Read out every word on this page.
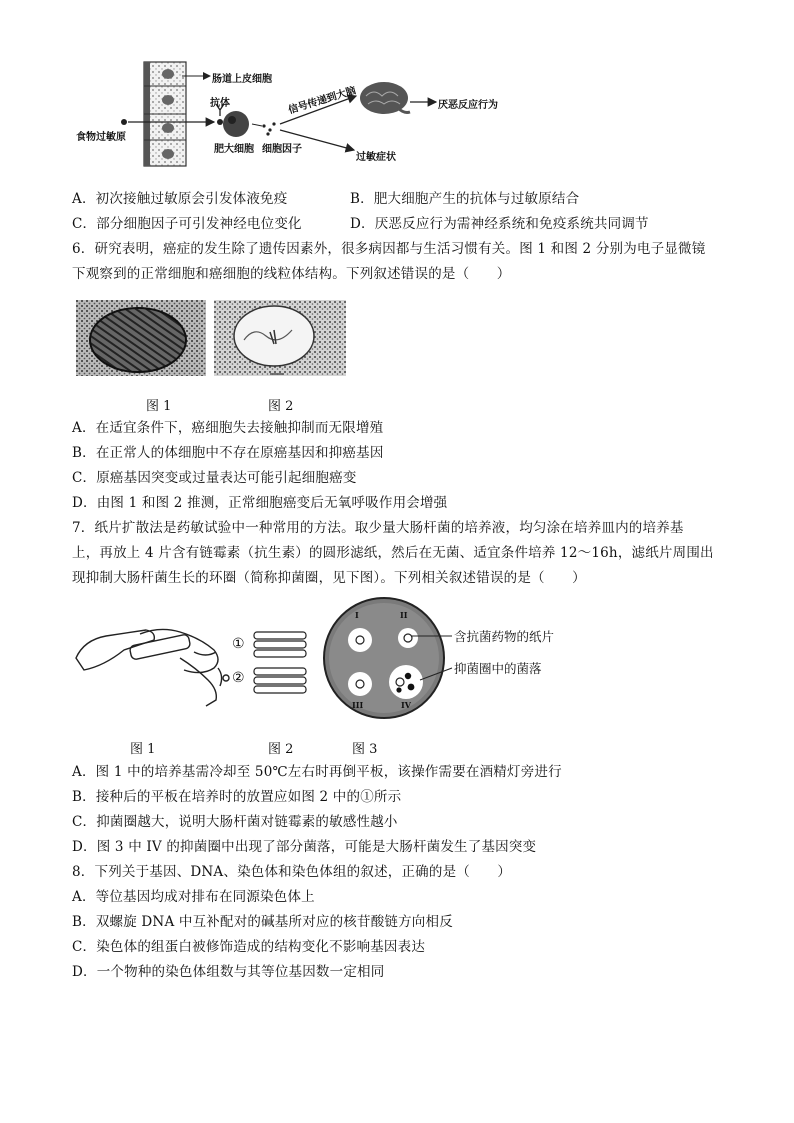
肠道上皮细胞
抗体
食物过敏原
肥大细胞 细胞因子
信号传递到大脑	厌恶反应行为
过敏症状
A．初次接触过敏原会引发体液免疫	B．肥大细胞产生的抗体与过敏原结合
C．部分细胞因子可引发神经电位变化	D．厌恶反应行为需神经系统和免疫系统共同调节
6．研究表明，癌症的发生除了遗传因素外，很多病因都与生活习惯有关。图 1 和图 2 分别为电子显微镜
下观察到的正常细胞和癌细胞的线粒体结构。下列叙述错误的是（　　）
图 1	图 2
A．在适宜条件下，癌细胞失去接触抑制而无限增殖
B．在正常人的体细胞中不存在原癌基因和抑癌基因
C．原癌基因突变或过量表达可能引起细胞癌变
D．由图 1 和图 2 推测，正常细胞癌变后无氧呼吸作用会增强
7．纸片扩散法是药敏试验中一种常用的方法。取少量大肠杆菌的培养液，均匀涂在培养皿内的培养基
上，再放上 4 片含有链霉素（抗生素）的圆形滤纸，然后在无菌、适宜条件培养 12～16h，滤纸片周围出
现抑制大肠杆菌生长的环圈（简称抑菌圈，见下图）。下列相关叙述错误的是（　　）
①
②
含抗菌药物的纸片
抑菌圈中的菌落
I	II
III	IV
图 1	图 2	图 3
A．图 1 中的培养基需冷却至 50℃左右时再倒平板，该操作需要在酒精灯旁进行
B．接种后的平板在培养时的放置应如图 2 中的①所示
C．抑菌圈越大，说明大肠杆菌对链霉素的敏感性越小
D．图 3 中 IV 的抑菌圈中出现了部分菌落，可能是大肠杆菌发生了基因突变
8．下列关于基因、DNA、染色体和染色体组的叙述，正确的是（　　）
A．等位基因均成对排布在同源染色体上
B．双螺旋 DNA 中互补配对的碱基所对应的核苷酸链方向相反
C．染色体的组蛋白被修饰造成的结构变化不影响基因表达
D．一个物种的染色体组数与其等位基因数一定相同
